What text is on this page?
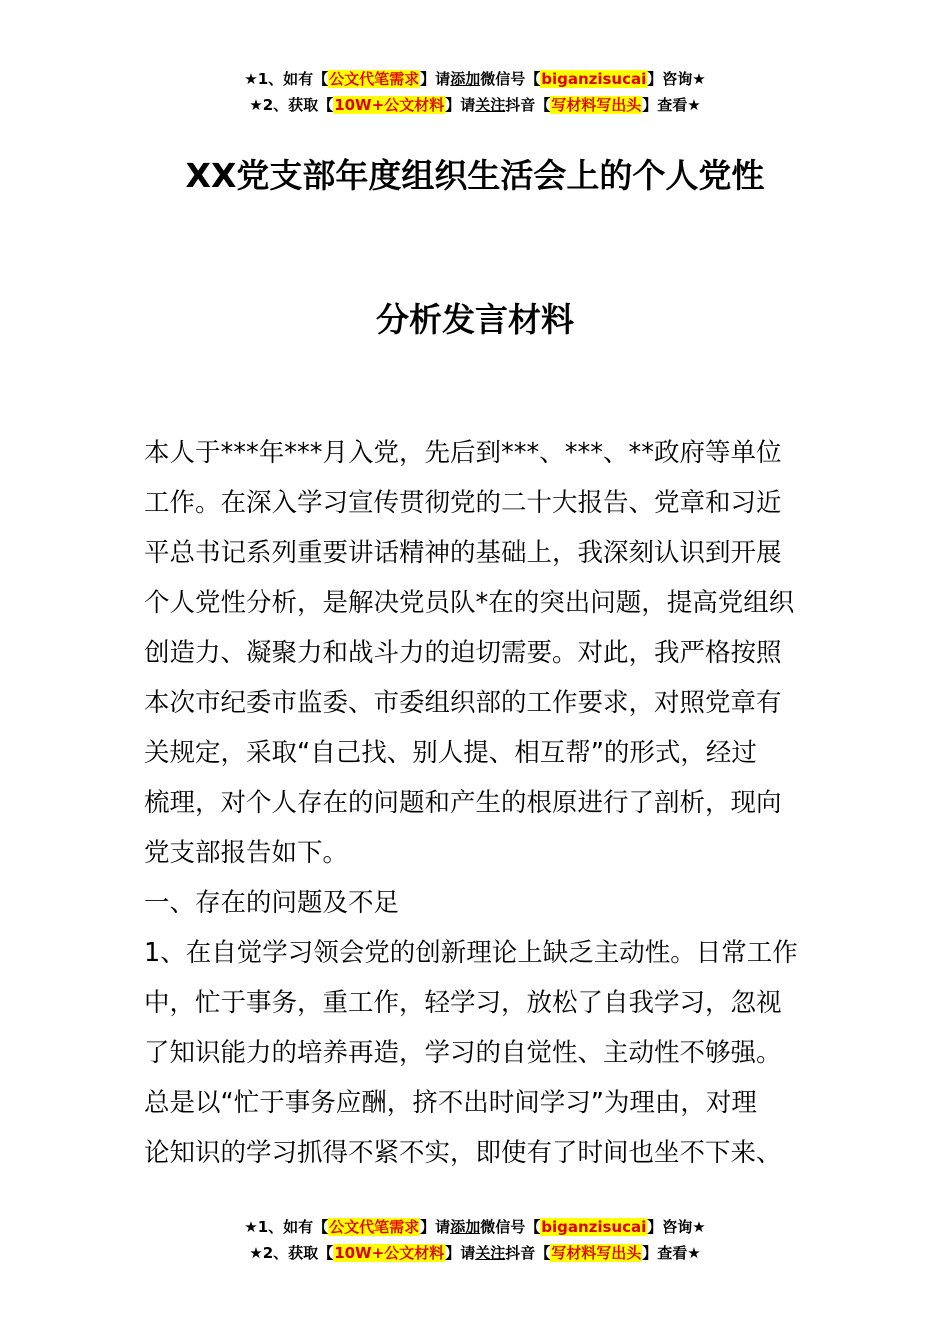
★1、如有【公文代笔需求】请添加微信号【biganzisucai】咨询★
★2、获取【10W+公文材料】请关注抖音【写材料写出头】查看★
XX党支部年度组织生活会上的个人党性
分析发言材料
本人于***年***月入党，先后到***、***、**政府等单位
工作。在深入学习宣传贯彻党的二十大报告、党章和习近
平总书记系列重要讲话精神的基础上，我深刻认识到开展
个人党性分析，是解决党员队*在的突出问题，提高党组织
创造力、凝聚力和战斗力的迫切需要。对此，我严格按照
本次市纪委市监委、市委组织部的工作要求，对照党章有
关规定，采取“自己找、别人提、相互帮”的形式，经过
梳理，对个人存在的问题和产生的根原进行了剖析，现向
党支部报告如下。
一、存在的问题及不足
1、在自觉学习领会党的创新理论上缺乏主动性。日常工作
中，忙于事务，重工作，轻学习，放松了自我学习，忽视
了知识能力的培养再造，学习的自觉性、主动性不够强。
总是以“忙于事务应酬，挤不出时间学习”为理由，对理
论知识的学习抓得不紧不实，即使有了时间也坐不下来、
★1、如有【公文代笔需求】请添加微信号【biganzisucai】咨询★
★2、获取【10W+公文材料】请关注抖音【写材料写出头】查看★
